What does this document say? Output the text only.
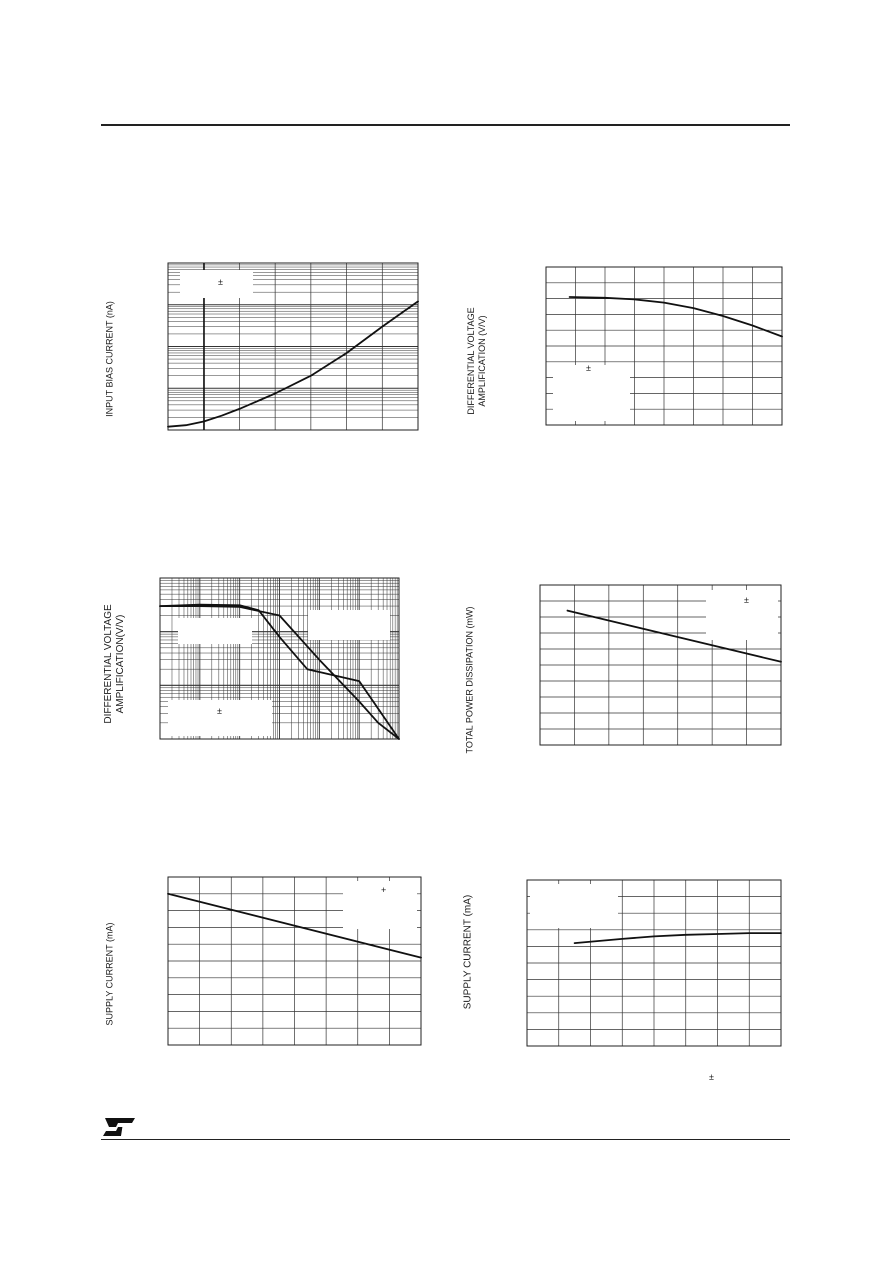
INPUT BIAS CURRENT (nA)
±
DIFFERENTIAL VOLTAGE AMPLIFICATION (V/V)	±
DIFFERENTIAL VOLTAGE AMPLIFICATION(V/V)	±	TOTAL POWER DISSIPATION (mW)
±
SUPPLY CURRENT (mA)
+
SUPPLY CURRENT (mA)
±
